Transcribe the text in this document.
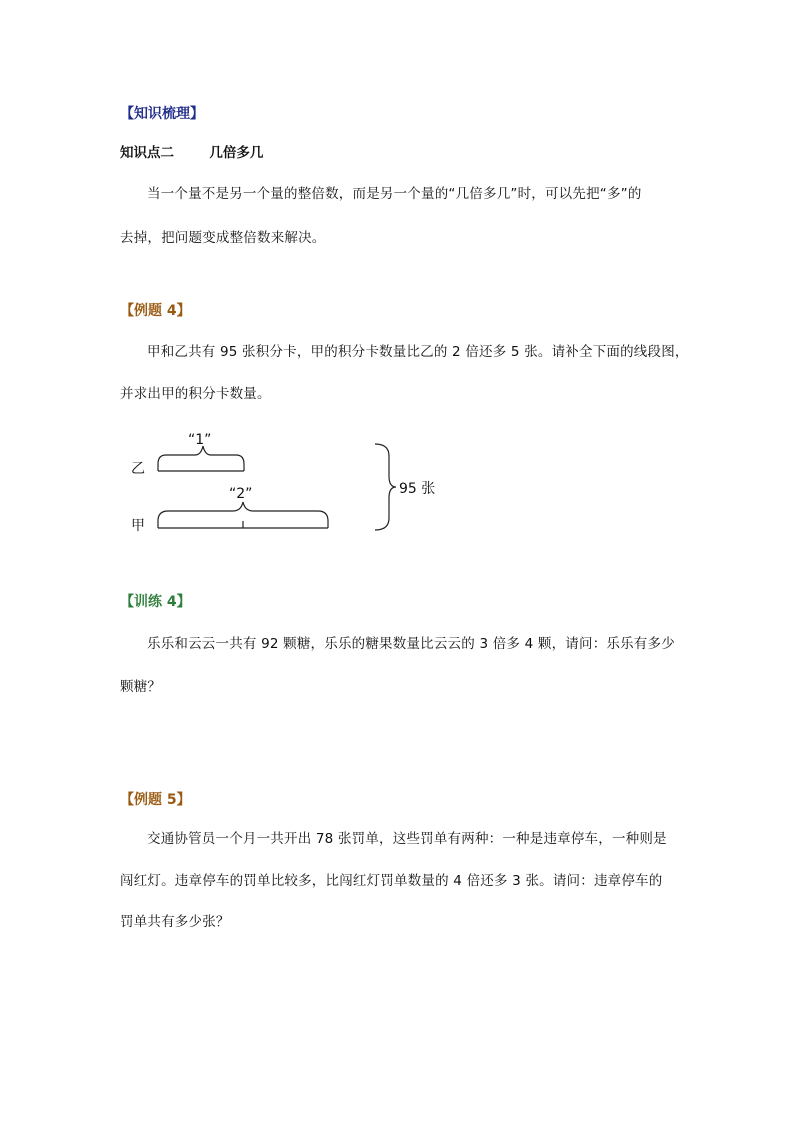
【知识梳理】
知识点二	几倍多几
当一个量不是另一个量的整倍数，而是另一个量的“几倍多几”时，可以先把“多”的
去掉，把问题变成整倍数来解决。
【例题 4】
甲和乙共有 95 张积分卡，甲的积分卡数量比乙的 2 倍还多 5 张。请补全下面的线段图，
并求出甲的积分卡数量。
“1”
“2”
乙
甲
95 张
【训练 4】
乐乐和云云一共有 92 颗糖，乐乐的糖果数量比云云的 3 倍多 4 颗，请问：乐乐有多少
颗糖？
【例题 5】
交通协管员一个月一共开出 78 张罚单，这些罚单有两种：一种是违章停车，一种则是
闯红灯。违章停车的罚单比较多，比闯红灯罚单数量的 4 倍还多 3 张。请问：违章停车的
罚单共有多少张？
